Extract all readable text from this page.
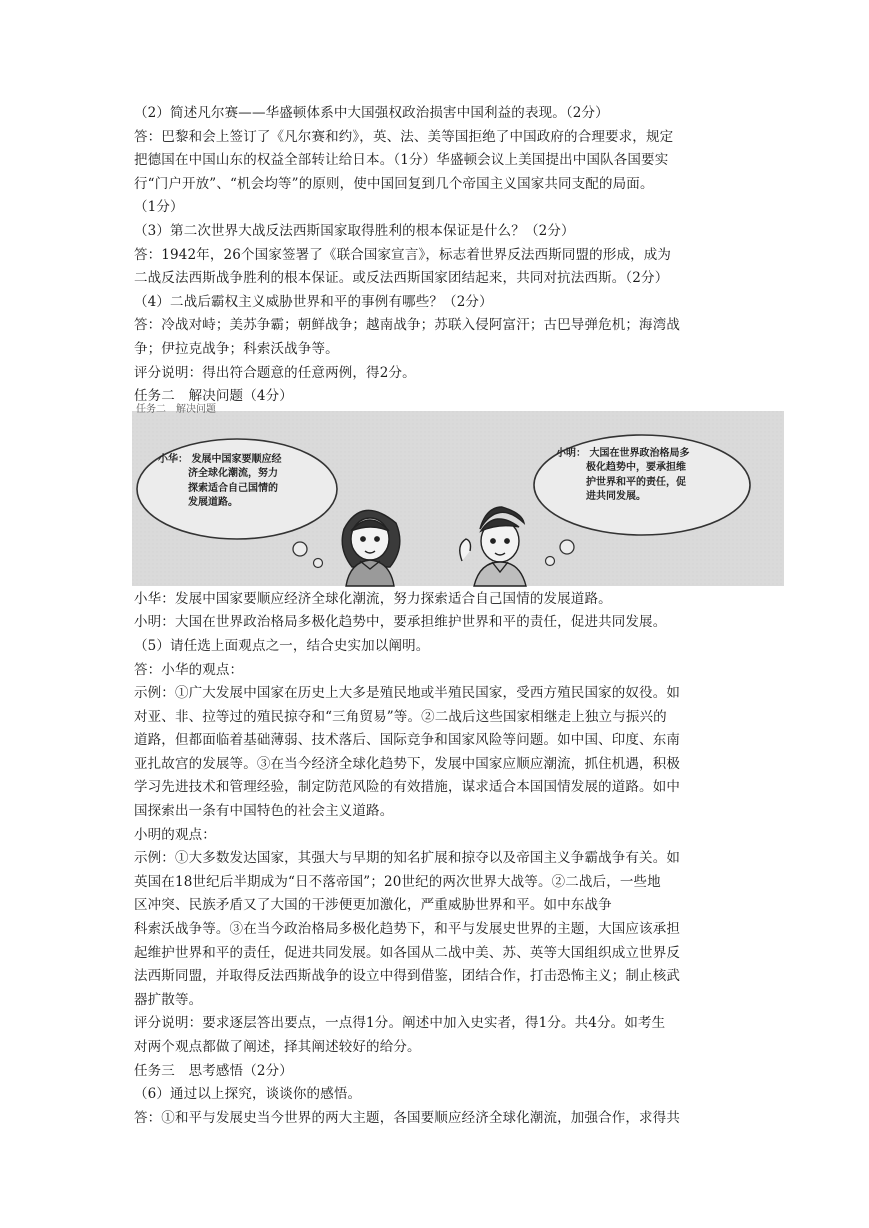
（2）简述凡尔赛——华盛顿体系中大国强权政治损害中国利益的表现。（2分）
答：巴黎和会上签订了《凡尔赛和约》，英、法、美等国拒绝了中国政府的合理要求，规定
把德国在中国山东的权益全部转让给日本。（1分）华盛顿会议上美国提出中国队各国要实
行“门户开放”、“机会均等”的原则，使中国回复到几个帝国主义国家共同支配的局面。
（1分）
（3）第二次世界大战反法西斯国家取得胜利的根本保证是什么？（2分）
答：1942年，26个国家签署了《联合国家宣言》，标志着世界反法西斯同盟的形成，成为
二战反法西斯战争胜利的根本保证。或反法西斯国家团结起来，共同对抗法西斯。（2分）
（4）二战后霸权主义威胁世界和平的事例有哪些？（2分）
答：冷战对峙；美苏争霸；朝鲜战争；越南战争；苏联入侵阿富汗；古巴导弹危机；海湾战
争；伊拉克战争；科索沃战争等。
评分说明：得出符合题意的任意两例，得2分。
任务二　解决问题（4分）
小华： 发展中国家要顺应经
济全球化潮流，努力
探索适合自己国情的
发展道路。
小明： 大国在世界政治格局多
极化趋势中，要承担维
护世界和平的责任，促
进共同发展。
任务二　解决问题
小华：发展中国家要顺应经济全球化潮流，努力探索适合自己国情的发展道路。
小明：大国在世界政治格局多极化趋势中，要承担维护世界和平的责任，促进共同发展。
（5）请任选上面观点之一，结合史实加以阐明。
答：小华的观点：
示例：①广大发展中国家在历史上大多是殖民地或半殖民国家，受西方殖民国家的奴役。如
对亚、非、拉等过的殖民掠夺和“三角贸易”等。②二战后这些国家相继走上独立与振兴的
道路，但都面临着基础薄弱、技术落后、国际竞争和国家风险等问题。如中国、印度、东南
亚扎故宫的发展等。③在当今经济全球化趋势下，发展中国家应顺应潮流，抓住机遇，积极
学习先进技术和管理经验，制定防范风险的有效措施，谋求适合本国国情发展的道路。如中
国探索出一条有中国特色的社会主义道路。
小明的观点：
示例：①大多数发达国家，其强大与早期的知名扩展和掠夺以及帝国主义争霸战争有关。如
英国在18世纪后半期成为“日不落帝国”；20世纪的两次世界大战等。②二战后，一些地
区冲突、民族矛盾又了大国的干涉便更加激化，严重威胁世界和平。如中东战争
科索沃战争等。③在当今政治格局多极化趋势下，和平与发展史世界的主题，大国应该承担
起维护世界和平的责任，促进共同发展。如各国从二战中美、苏、英等大国组织成立世界反
法西斯同盟，并取得反法西斯战争的设立中得到借鉴，团结合作，打击恐怖主义；制止核武
器扩散等。
评分说明：要求逐层答出要点，一点得1分。阐述中加入史实者，得1分。共4分。如考生
对两个观点都做了阐述，择其阐述较好的给分。
任务三　思考感悟（2分）
（6）通过以上探究，谈谈你的感悟。
答：①和平与发展史当今世界的两大主题，各国要顺应经济全球化潮流，加强合作，求得共
